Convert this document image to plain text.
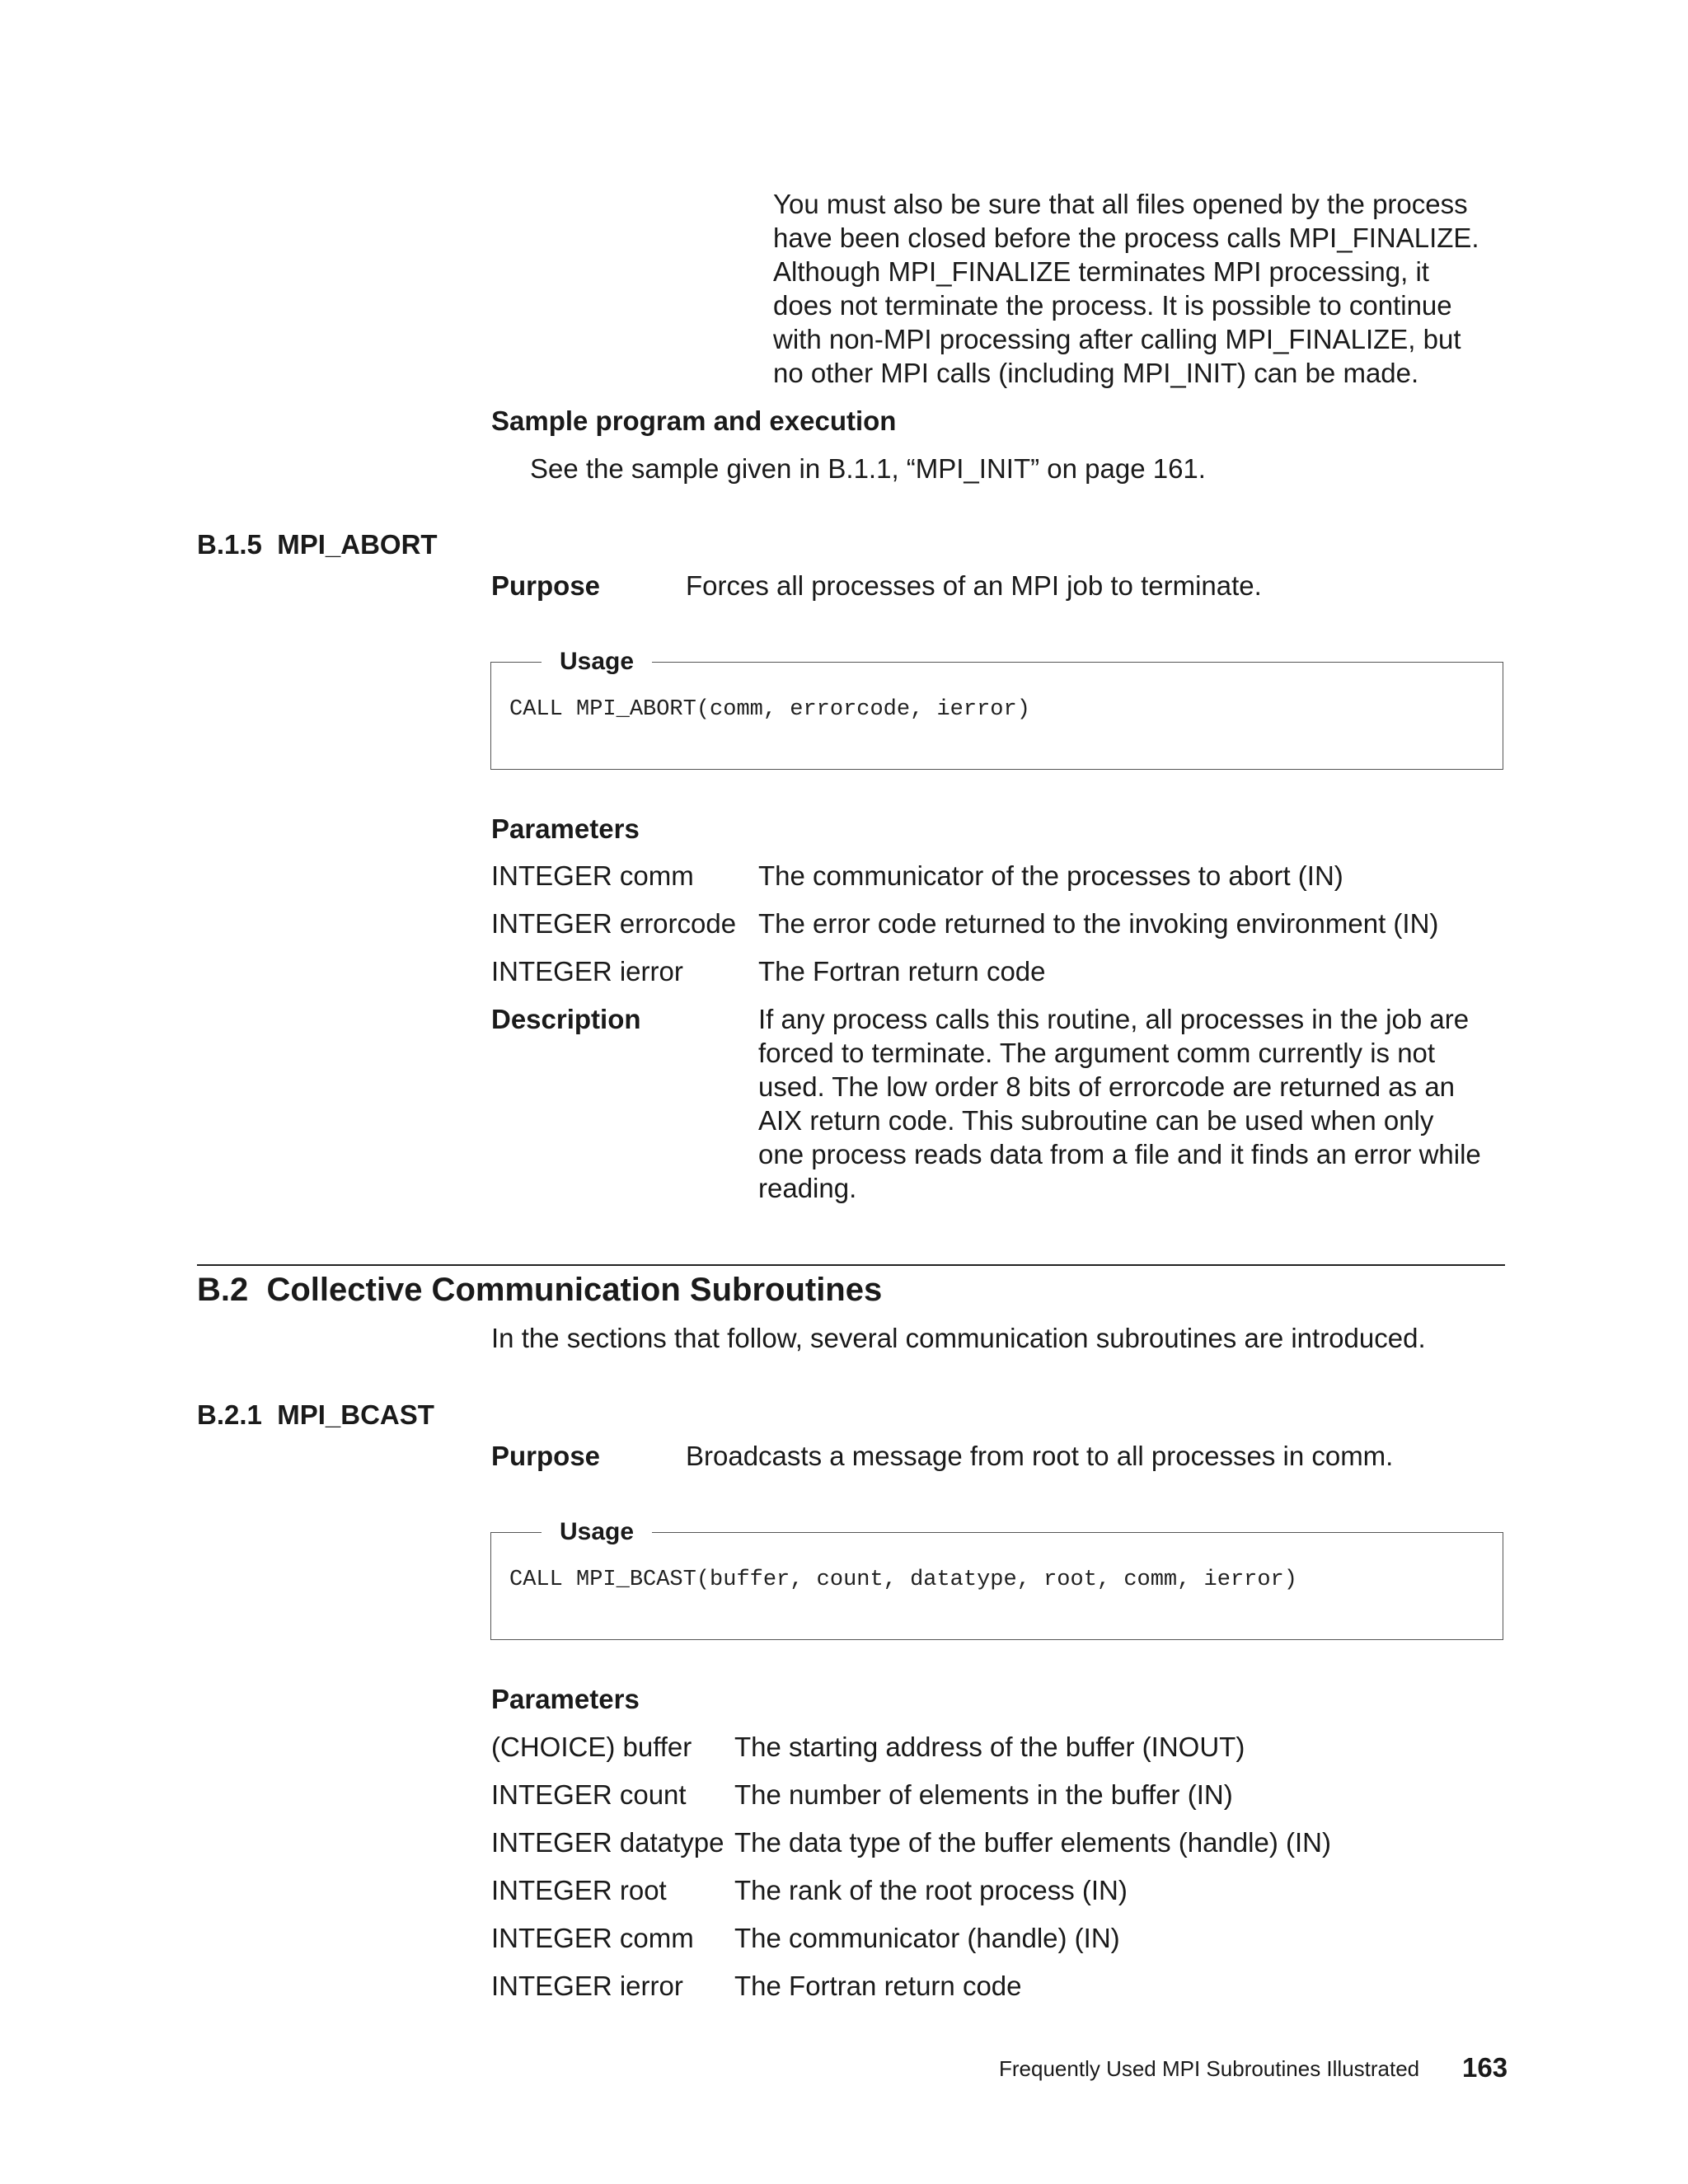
You must also be sure that all files opened by the process
have been closed before the process calls MPI_FINALIZE.
Although MPI_FINALIZE terminates MPI processing, it
does not terminate the process. It is possible to continue
with non-MPI processing after calling MPI_FINALIZE, but
no other MPI calls (including MPI_INIT) can be made.
Sample program and execution
See the sample given in B.1.1, “MPI_INIT” on page 161.
B.1.5  MPI_ABORT
Purpose	Forces all processes of an MPI job to terminate.
CALL MPI_ABORT(comm, errorcode, ierror)
Usage
Parameters
INTEGER comm The communicator of the processes to abort (IN)
INTEGER errorcode The error code returned to the invoking environment (IN)
INTEGER ierror	The Fortran return code
Description	If any process calls this routine, all processes in the job are
forced to terminate. The argument comm currently is not
used. The low order 8 bits of errorcode are returned as an
AIX return code. This subroutine can be used when only
one process reads data from a file and it finds an error while
reading.
B.2  Collective Communication Subroutines
In the sections that follow, several communication subroutines are introduced.
B.2.1  MPI_BCAST
Purpose	Broadcasts a message from root to all processes in comm.
CALL MPI_BCAST(buffer, count, datatype, root, comm, ierror)
Usage
Parameters
(CHOICE) buffer The starting address of the buffer (INOUT)
INTEGER count The number of elements in the buffer (IN)
INTEGER datatype The data type of the buffer elements (handle) (IN)
INTEGER root The rank of the root process (IN)
INTEGER comm The communicator (handle) (IN)
INTEGER ierror The Fortran return code
Frequently Used MPI Subroutines Illustrated 163
